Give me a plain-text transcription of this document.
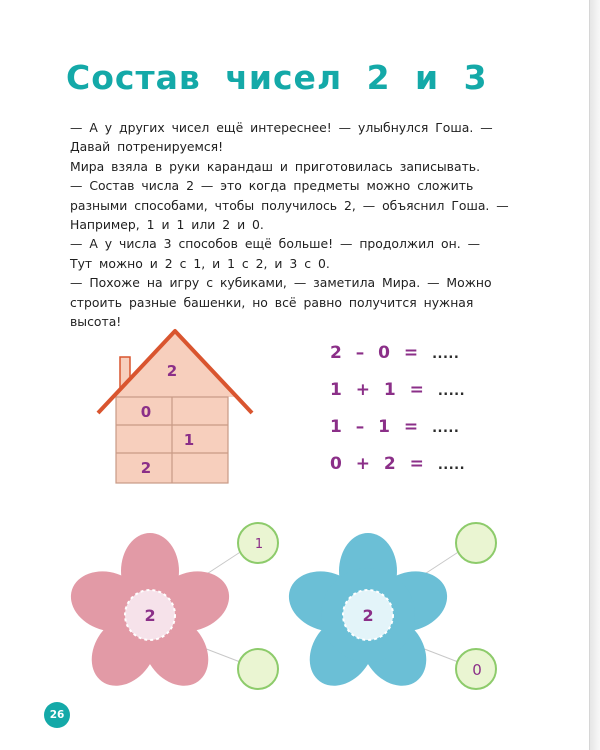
Состав чисел 2 и 3
— А у других чисел ещё интереснее! — улыбнулся Гоша. —
Давай потренируемся!
Мира взяла в руки карандаш и приготовилась записывать.
— Состав числа 2 — это когда предметы можно сложить
разными способами, чтобы получилось 2, — объяснил Гоша. —
Например, 1 и 1 или 2 и 0.
— А у числа 3 способов ещё больше! — продолжил он. —
Тут можно и 2 с 1, и 1 с 2, и 3 с 0.
— Похоже на игру с кубиками, — заметила Мира. — Можно
строить разные башенки, но всё равно получится нужная
высота!
2
0
1
2
2 – 0 = .....
1 + 1 = .....
1 – 1 = .....
0 + 2 = .....
2
1
2
0
26
